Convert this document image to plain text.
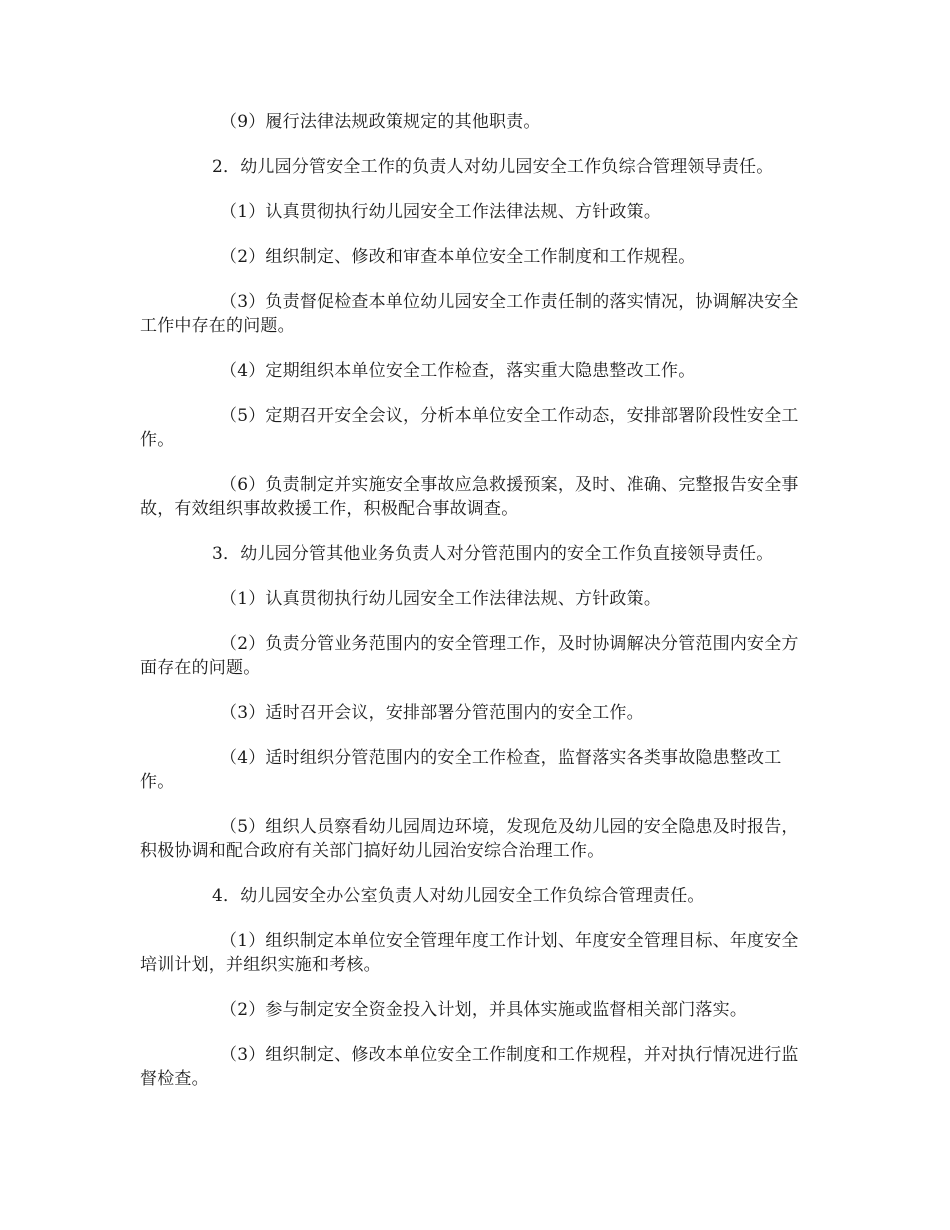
（9）履行法律法规政策规定的其他职责。

2．幼儿园分管安全工作的负责人对幼儿园安全工作负综合管理领导责任。

（1）认真贯彻执行幼儿园安全工作法律法规、方针政策。

（2）组织制定、修改和审查本单位安全工作制度和工作规程。

（3）负责督促检查本单位幼儿园安全工作责任制的落实情况，协调解决安全工作中存在的问题。

（4）定期组织本单位安全工作检查，落实重大隐患整改工作。

（5）定期召开安全会议，分析本单位安全工作动态，安排部署阶段性安全工作。

（6）负责制定并实施安全事故应急救援预案，及时、准确、完整报告安全事故，有效组织事故救援工作，积极配合事故调查。

3．幼儿园分管其他业务负责人对分管范围内的安全工作负直接领导责任。

（1）认真贯彻执行幼儿园安全工作法律法规、方针政策。

（2）负责分管业务范围内的安全管理工作，及时协调解决分管范围内安全方面存在的问题。

（3）适时召开会议，安排部署分管范围内的安全工作。

（4）适时组织分管范围内的安全工作检查，监督落实各类事故隐患整改工作。

（5）组织人员察看幼儿园周边环境，发现危及幼儿园的安全隐患及时报告，积极协调和配合政府有关部门搞好幼儿园治安综合治理工作。

4．幼儿园安全办公室负责人对幼儿园安全工作负综合管理责任。

（1）组织制定本单位安全管理年度工作计划、年度安全管理目标、年度安全培训计划，并组织实施和考核。

（2）参与制定安全资金投入计划，并具体实施或监督相关部门落实。

（3）组织制定、修改本单位安全工作制度和工作规程，并对执行情况进行监督检查。
